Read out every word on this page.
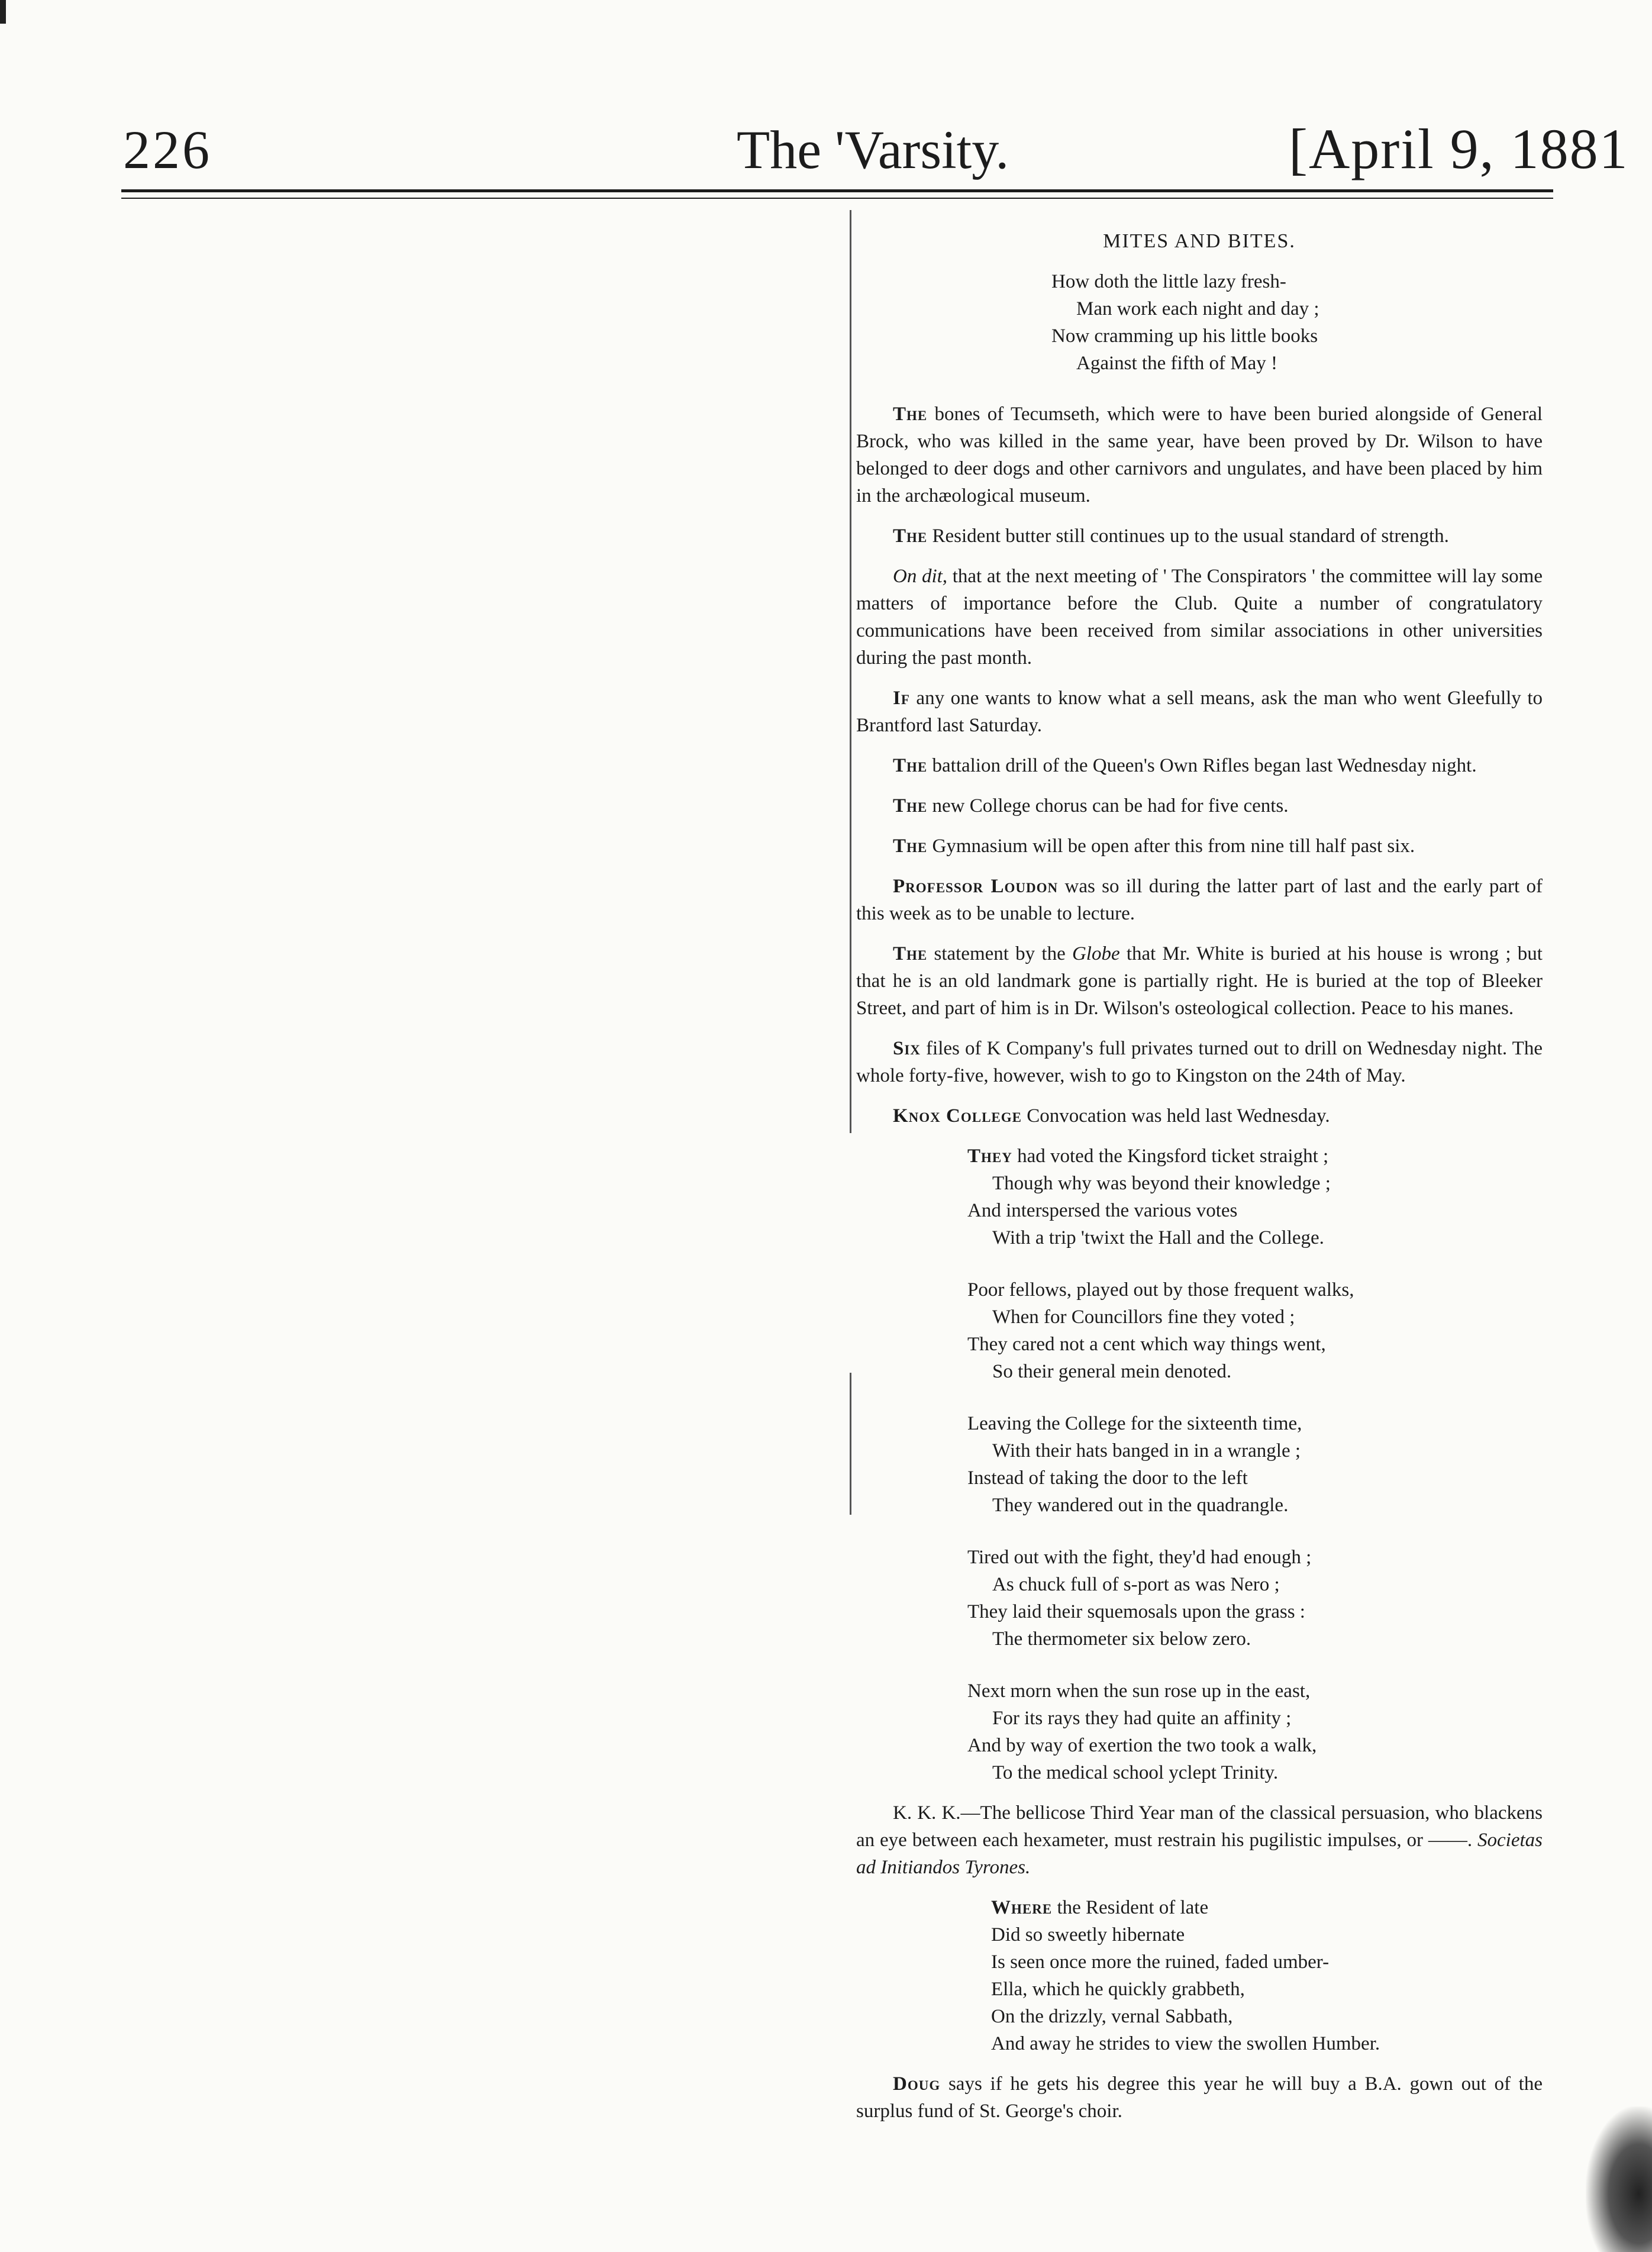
226	The 'Varsity.	[April 9, 1881
MITES AND BITES.
How doth the little lazy fresh-
Man work each night and day ;
Now cramming up his little books
Against the fifth of May !

The bones of Tecumseth, which were to have been buried alongside of General Brock, who was killed in the same year, have been proved by Dr. Wilson to have belonged to deer dogs and other carnivors and ungulates, and have been placed by him in the archæological museum.

The Resident butter still continues up to the usual standard of strength.

On dit, that at the next meeting of ' The Conspirators ' the committee will lay some matters of importance before the Club. Quite a number of congratulatory communications have been received from similar associations in other universities during the past month.

If any one wants to know what a sell means, ask the man who went Gleefully to Brantford last Saturday.

The battalion drill of the Queen's Own Rifles began last Wednesday night.

The new College chorus can be had for five cents.

The Gymnasium will be open after this from nine till half past six.

Professor Loudon was so ill during the latter part of last and the early part of this week as to be unable to lecture.

The statement by the Globe that Mr. White is buried at his house is wrong ; but that he is an old landmark gone is partially right. He is buried at the top of Bleeker Street, and part of him is in Dr. Wilson's osteological collection. Peace to his manes.

Six files of K Company's full privates turned out to drill on Wednesday night. The whole forty-five, however, wish to go to Kingston on the 24th of May.

Knox College Convocation was held last Wednesday.

They had voted the Kingsford ticket straight ;
Though why was beyond their knowledge ;
And interspersed the various votes
With a trip 'twixt the Hall and the College.
Poor fellows, played out by those frequent walks,
When for Councillors fine they voted ;
They cared not a cent which way things went,
So their general mein denoted.
Leaving the College for the sixteenth time,
With their hats banged in in a wrangle ;
Instead of taking the door to the left
They wandered out in the quadrangle.
Tired out with the fight, they'd had enough ;
As chuck full of s-port as was Nero ;
They laid their squemosals upon the grass :
The thermometer six below zero.
Next morn when the sun rose up in the east,
For its rays they had quite an affinity ;
And by way of exertion the two took a walk,
To the medical school yclept Trinity.

K. K. K.—The bellicose Third Year man of the classical persuasion, who blackens an eye between each hexameter, must restrain his pugilistic impulses, or ——. Societas ad Initiandos Tyrones.

Where the Resident of late
Did so sweetly hibernate
Is seen once more the ruined, faded umber-
Ella, which he quickly grabbeth,
On the drizzly, vernal Sabbath,
And away he strides to view the swollen Humber.

Doug says if he gets his degree this year he will buy a B.A. gown out of the surplus fund of St. George's choir.
